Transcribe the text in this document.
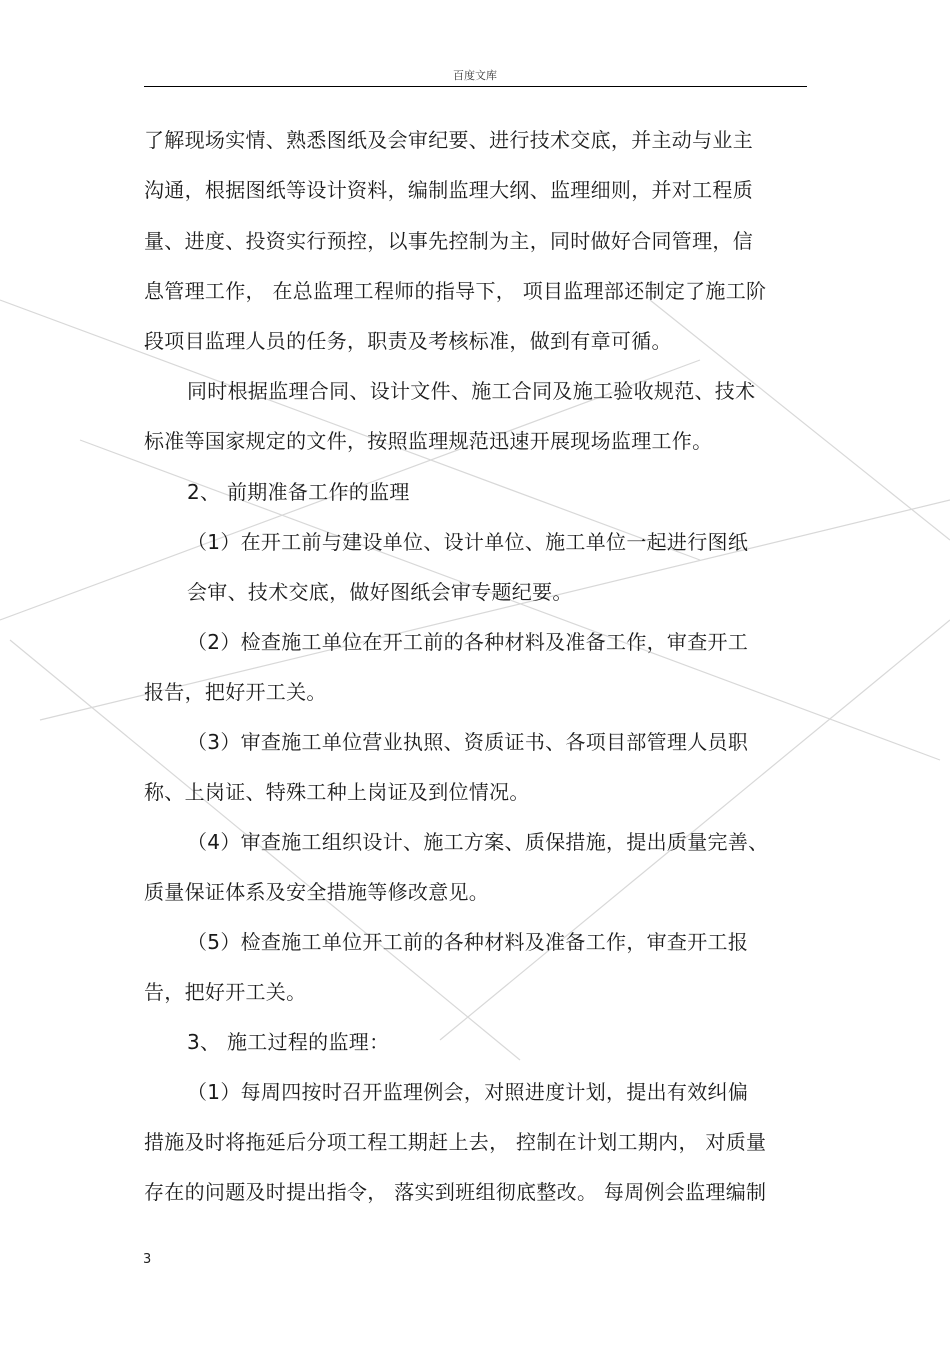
百度文库
了解现场实情、熟悉图纸及会审纪要、进行技术交底，并主动与业主
沟通，根据图纸等设计资料，编制监理大纲、监理细则，并对工程质
量、进度、投资实行预控，以事先控制为主，同时做好合同管理，信
息管理工作， 在总监理工程师的指导下， 项目监理部还制定了施工阶
段项目监理人员的任务，职责及考核标准，做到有章可循。
同时根据监理合同、设计文件、施工合同及施工验收规范、技术
标准等国家规定的文件，按照监理规范迅速开展现场监理工作。
2、 前期准备工作的监理
（1）在开工前与建设单位、设计单位、施工单位一起进行图纸
会审、技术交底，做好图纸会审专题纪要。
（2）检查施工单位在开工前的各种材料及准备工作，审查开工
报告，把好开工关。
（3）审查施工单位营业执照、资质证书、各项目部管理人员职
称、上岗证、特殊工种上岗证及到位情况。
（4）审查施工组织设计、施工方案、质保措施，提出质量完善、
质量保证体系及安全措施等修改意见。
（5）检查施工单位开工前的各种材料及准备工作，审查开工报
告，把好开工关。
3、 施工过程的监理：
（1）每周四按时召开监理例会，对照进度计划，提出有效纠偏
措施及时将拖延后分项工程工期赶上去， 控制在计划工期内， 对质量
存在的问题及时提出指令， 落实到班组彻底整改。 每周例会监理编制
3
